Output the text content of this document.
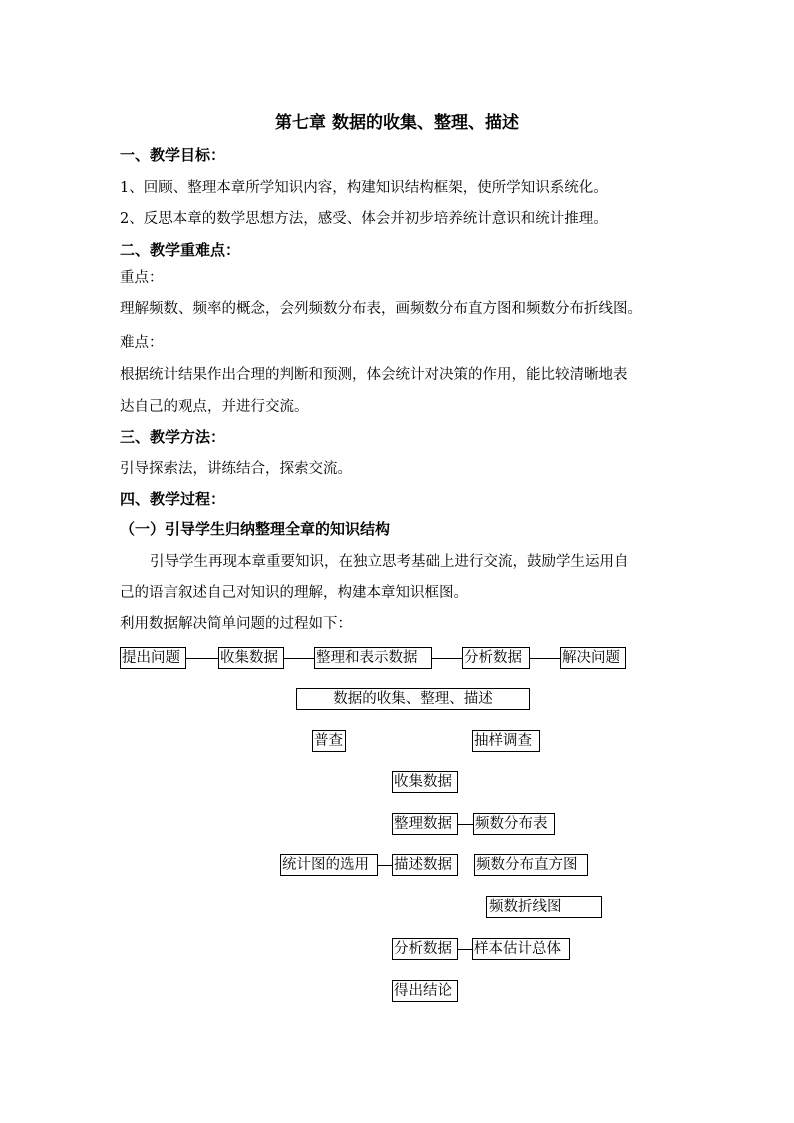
第七章 数据的收集、整理、描述
一、教学目标：
1、回顾、整理本章所学知识内容，构建知识结构框架，使所学知识系统化。
2、反思本章的数学思想方法，感受、体会并初步培养统计意识和统计推理。
二、教学重难点：
重点：
理解频数、频率的概念，会列频数分布表，画频数分布直方图和频数分布折线图。
难点：
根据统计结果作出合理的判断和预测，体会统计对决策的作用，能比较清晰地表
达自己的观点，并进行交流。
三、教学方法：
引导探索法，讲练结合，探索交流。
四、教学过程：
（一）引导学生归纳整理全章的知识结构
引导学生再现本章重要知识，在独立思考基础上进行交流，鼓励学生运用自
己的语言叙述自己对知识的理解，构建本章知识框图。
利用数据解决简单问题的过程如下：
提出问题	收集数据	整理和表示数据	分析数据	解决问题
数据的收集、整理、描述
普查	抽样调查
收集数据
整理数据	频数分布表
统计图的选用	描述数据	频数分布直方图
频数折线图
分析数据	样本估计总体
得出结论
